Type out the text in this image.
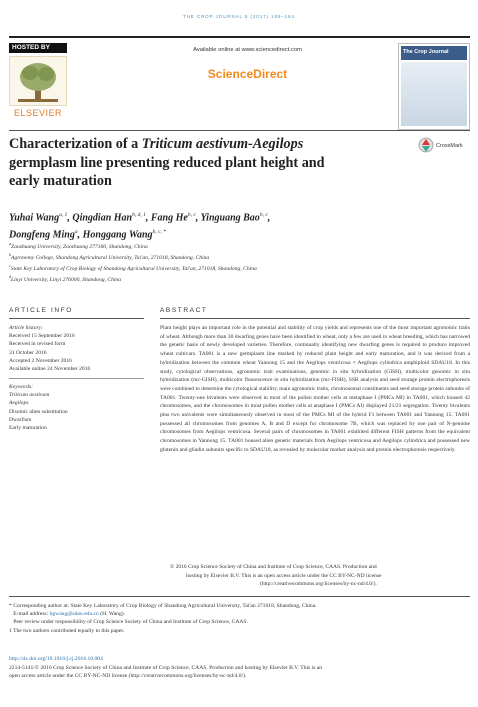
THE CROP JOURNAL 5 (2017) 185–194
HOSTED BY
ELSEVIER
Available online at www.sciencedirect.com
ScienceDirect
The Crop Journal
Characterization of a Triticum aestivum-Aegilops
germplasm line presenting reduced plant height and
early maturation
CrossMark
Yuhai Wang$^{a, 1}$, Qingdian Han$^{b, d, 1}$, Fang He$^{b, c}$, Yinguang Bao$^{b, c}$,
Dongfeng Ming$^a$, Honggang Wang$^{b, c, *}$
$^a$Zaozhuang University, Zaozhuang 277160, Shandong, China
$^b$Agronomy College, Shandong Agricultural University, Tai'an, 271018, Shandong, China
$^c$State Key Laboratory of Crop Biology of Shandong Agricultural University, Tai'an, 271018, Shandong, China
$^d$Linyi University, Linyi 276000, Shandong, China
ARTICLE INFO
Article history:
Received 15 September 2016
Received in revised form
31 October 2016
Accepted 2 November 2016
Available online 24 November 2016
Keywords:
Triticum aestivum
Aegilops
Disomic alien substitution
Dwarfism
Early maturation
ABSTRACT
Plant height plays an important role in the potential and stability of crop yields and represents one of the most important agronomic traits of wheat. Although more than 30 dwarfing genes have been identified in wheat, only a few are used in wheat breeding, which has narrowed the genetic basis of newly developed varieties. Therefore, continually identifying new dwarfing genes is required to produce improved wheat cultivars. TA001 is a new germplasm line marked by reduced plant height and early maturation, and it was derived from a hybridization between the common wheat Yannong 15 and the Aegilops ventricosa × Aegilops cylindrica amphiploid SDAU18. In this study, cytological observations, agronomic trait examinations, genomic in situ hybridization (GISH), multicolor genomic in situ hybridization (mc-GISH), multicolor fluorescence in situ hybridization (mc-FISH), SSR analysis and seed storage protein electrophoresis were combined to determine the cytological stability, main agronomic traits, chromosomal constituents and seed storage protein subunits of TA001. Twenty-one bivalents were observed in most of the pollen mother cells at metaphase I (PMCs MI) in TA001, which housed 42 chromosomes, and the chromosomes in most pollen mother cells at anaphase I (PMCs AI) displayed 21/21 segregation. Twenty bivalents plus two univalents were simultaneously observed in most of the PMCs MI of the hybrid F1 between TA001 and Yannong 15. TA001 possessed all chromosomes from genomes A, B and D except for chromosome 7B, which was replaced by one pair of N-genome chromosomes from Aegilops ventricosa. Several pairs of chromosomes in TA001 exhibited different FISH patterns from the equivalent chromosomes in Yannong 15. TA001 housed alien genetic materials from Aegilops ventricosa and Aegilops cylindrica and possessed new glutenin and gliadin subunits specific to SDAU18, as revealed by molecular marker analysis and protein electrophoresis respectively.
© 2016 Crop Science Society of China and Institute of Crop Science, CAAS. Production and
hosting by Elsevier B.V. This is an open access article under the CC BY-NC-ND license
(http://creativecommons.org/licenses/by-nc-nd/4.0/).
* Corresponding author at: State Key Laboratory of Crop Biology of Shandong Agricultural University, Tai'an 271018, Shandong, China.
E-mail address: hgwang@sdau.edu.cn (H. Wang).
Peer review under responsibility of Crop Science Society of China and Institute of Crop Science, CAAS.
1 The two authors contributed equally to this paper.
http://dx.doi.org/10.1016/j.cj.2016.10.004
2214-5141/© 2016 Crop Science Society of China and Institute of Crop Science, CAAS. Production and hosting by Elsevier B.V. This is an
open access article under the CC BY-NC-ND license (http://creativecommons.org/licenses/by-nc-nd/4.0/).
